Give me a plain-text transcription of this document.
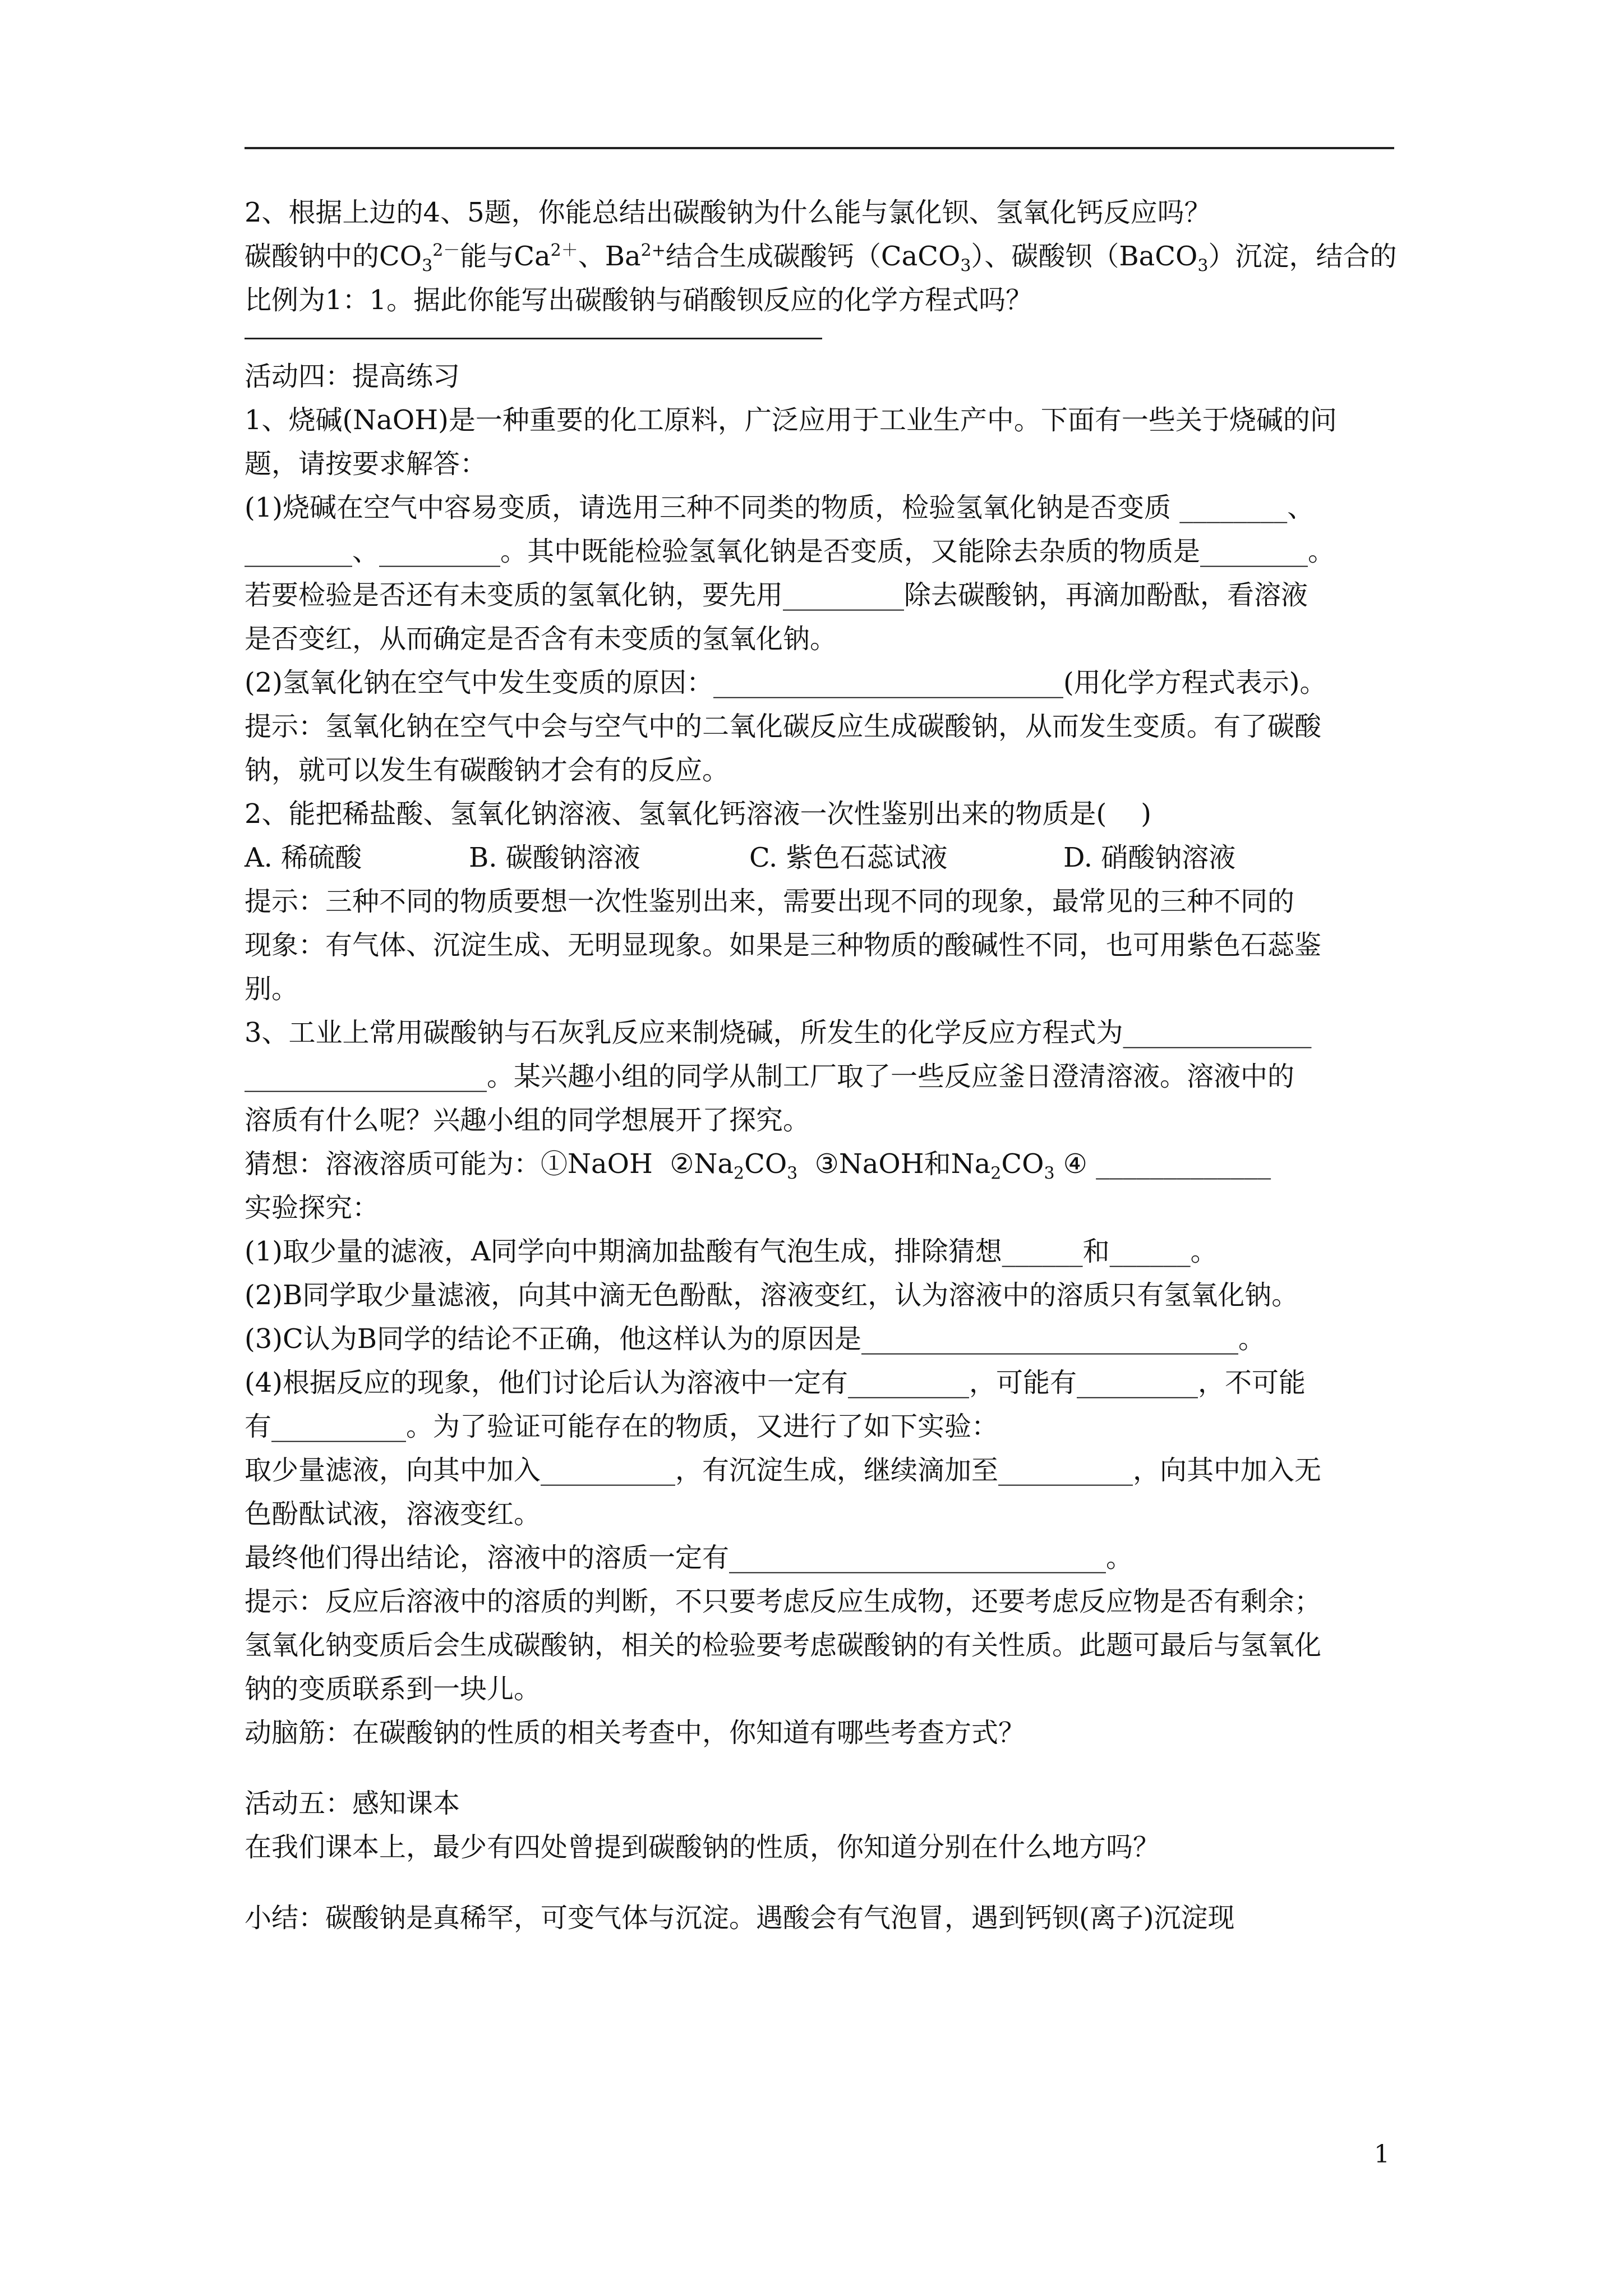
2、根据上边的4、5题，你能总结出碳酸钠为什么能与氯化钡、氢氧化钙反应吗？
碳酸钠中的$CO_3^{2-}$能与$Ca^{2+}$、$Ba^{2+}$结合生成碳酸钙（CaCO$_3$）、碳酸钡（BaCO$_3$）沉淀，结合的
比例为1：1。据此你能写出碳酸钠与硝酸钡反应的化学方程式吗？
活动四：提高练习
1、烧碱(NaOH)是一种重要的化工原料，广泛应用于工业生产中。下面有一些关于烧碱的问
题，请按要求解答：
(1)烧碱在空气中容易变质，请选用三种不同类的物质，检验氢氧化钠是否变质 ________、
________、_________。其中既能检验氢氧化钠是否变质，又能除去杂质的物质是________。
若要检验是否还有未变质的氢氧化钠，要先用_________除去碳酸钠，再滴加酚酞，看溶液
是否变红，从而确定是否含有未变质的氢氧化钠。
(2)氢氧化钠在空气中发生变质的原因：__________________________(用化学方程式表示)。
提示：氢氧化钠在空气中会与空气中的二氧化碳反应生成碳酸钠，从而发生变质。有了碳酸
钠，就可以发生有碳酸钠才会有的反应。
2、能把稀盐酸、氢氧化钠溶液、氢氧化钙溶液一次性鉴别出来的物质是(    )
A. 稀硫酸	B. 碳酸钠溶液	C. 紫色石蕊试液	D. 硝酸钠溶液
提示：三种不同的物质要想一次性鉴别出来，需要出现不同的现象，最常见的三种不同的
现象：有气体、沉淀生成、无明显现象。如果是三种物质的酸碱性不同，也可用紫色石蕊鉴
别。
3、工业上常用碳酸钠与石灰乳反应来制烧碱，所发生的化学反应方程式为______________
__________________。某兴趣小组的同学从制工厂取了一些反应釜日澄清溶液。溶液中的
溶质有什么呢？兴趣小组的同学想展开了探究。
猜想：溶液溶质可能为：①NaOH  $②Na_2CO_3$  ③NaOH和$Na_2CO_3$ ④ _____________
实验探究：
(1)取少量的滤液，A同学向中期滴加盐酸有气泡生成，排除猜想______和______。
(2)B同学取少量滤液，向其中滴无色酚酞，溶液变红，认为溶液中的溶质只有氢氧化钠。
(3)C认为B同学的结论不正确，他这样认为的原因是____________________________。
(4)根据反应的现象，他们讨论后认为溶液中一定有_________，可能有_________，不可能
有__________。为了验证可能存在的物质，又进行了如下实验：
取少量滤液，向其中加入__________，有沉淀生成，继续滴加至__________，向其中加入无
色酚酞试液，溶液变红。
最终他们得出结论，溶液中的溶质一定有____________________________。
提示：反应后溶液中的溶质的判断，不只要考虑反应生成物，还要考虑反应物是否有剩余；
氢氧化钠变质后会生成碳酸钠，相关的检验要考虑碳酸钠的有关性质。此题可最后与氢氧化
钠的变质联系到一块儿。
动脑筋：在碳酸钠的性质的相关考查中，你知道有哪些考查方式？
活动五：感知课本
在我们课本上，最少有四处曾提到碳酸钠的性质，你知道分别在什么地方吗？
小结：碳酸钠是真稀罕，可变气体与沉淀。遇酸会有气泡冒，遇到钙钡(离子)沉淀现
1
